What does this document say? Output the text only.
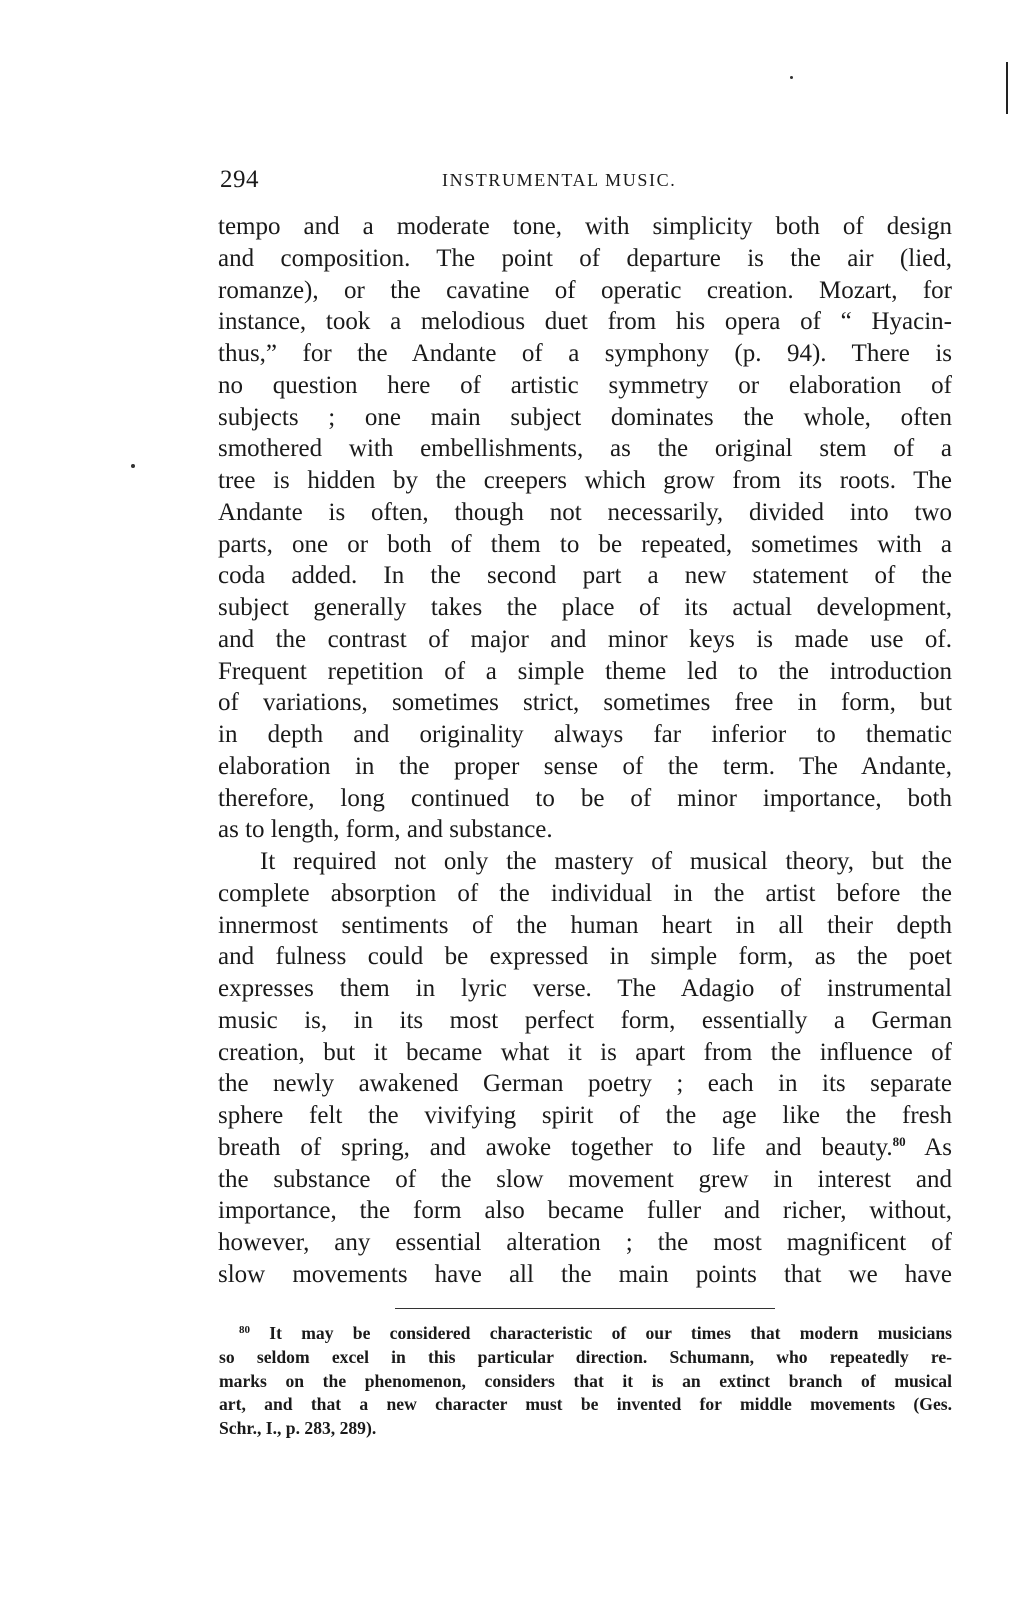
294	INSTRUMENTAL MUSIC.
tempo and a moderate tone, with simplicity both of design
and composition. The point of departure is the air (lied,
romanze), or the cavatine of operatic creation. Mozart, for
instance, took a melodious duet from his opera of “ Hyacin-
thus,” for the Andante of a symphony (p. 94). There is
no question here of artistic symmetry or elaboration of
subjects ; one main subject dominates the whole, often
smothered with embellishments, as the original stem of a
tree is hidden by the creepers which grow from its roots. The
Andante is often, though not necessarily, divided into two
parts, one or both of them to be repeated, sometimes with a
coda added. In the second part a new statement of the
subject generally takes the place of its actual development,
and the contrast of major and minor keys is made use of.
Frequent repetition of a simple theme led to the introduction
of variations, sometimes strict, sometimes free in form, but
in depth and originality always far inferior to thematic
elaboration in the proper sense of the term. The Andante,
therefore, long continued to be of minor importance, both
as to length, form, and substance.
It required not only the mastery of musical theory, but the
complete absorption of the individual in the artist before the
innermost sentiments of the human heart in all their depth
and fulness could be expressed in simple form, as the poet
expresses them in lyric verse. The Adagio of instrumental
music is, in its most perfect form, essentially a German
creation, but it became what it is apart from the influence of
the newly awakened German poetry ; each in its separate
sphere felt the vivifying spirit of the age like the fresh
breath of spring, and awoke together to life and beauty.$^{80}$ As
the substance of the slow movement grew in interest and
importance, the form also became fuller and richer, without,
however, any essential alteration ; the most magnificent of
slow movements have all the main points that we have
$^{80}$ It may be considered characteristic of our times that modern musicians
so seldom excel in this particular direction. Schumann, who repeatedly re-
marks on the phenomenon, considers that it is an extinct branch of musical
art, and that a new character must be invented for middle movements (Ges.
Schr., I., p. 283, 289).
